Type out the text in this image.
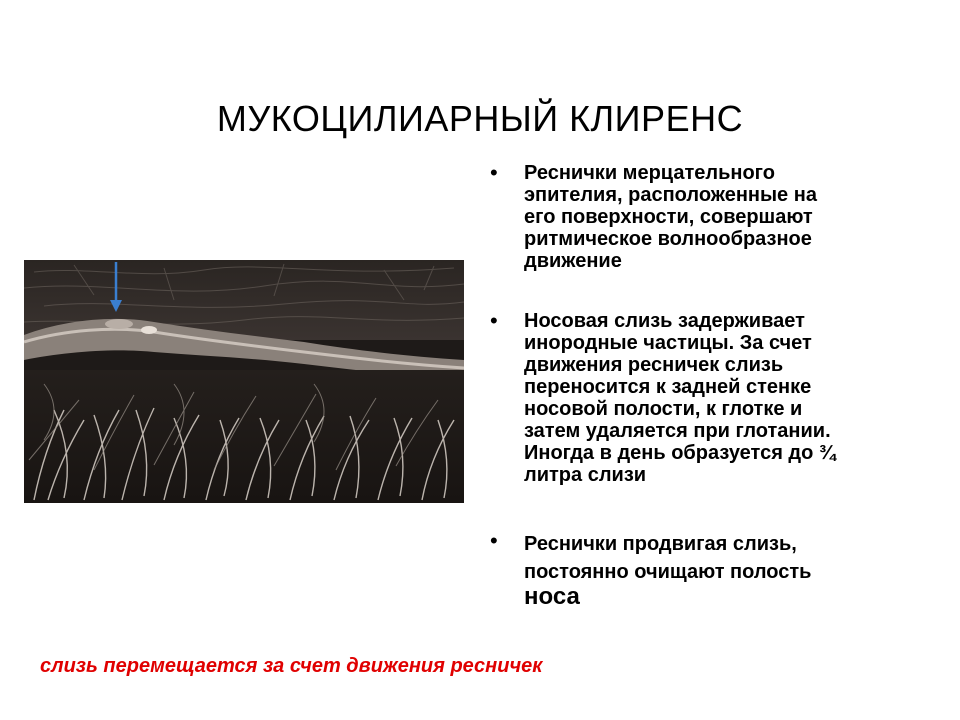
МУКОЦИЛИАРНЫЙ КЛИРЕНС
• Реснички мерцательного
эпителия, расположенные на
его поверхности, совершают
ритмическое волнообразное
движение
• Носовая слизь задерживает
инородные частицы. За счет
движения ресничек слизь
переносится к задней стенке
носовой полости, к глотке и
затем удаляется при глотании.
Иногда в день образуется до ¾
литра слизи
• Реснички продвигая слизь,
постоянно очищают полость
носа
слизь перемещается за счет движения ресничек
